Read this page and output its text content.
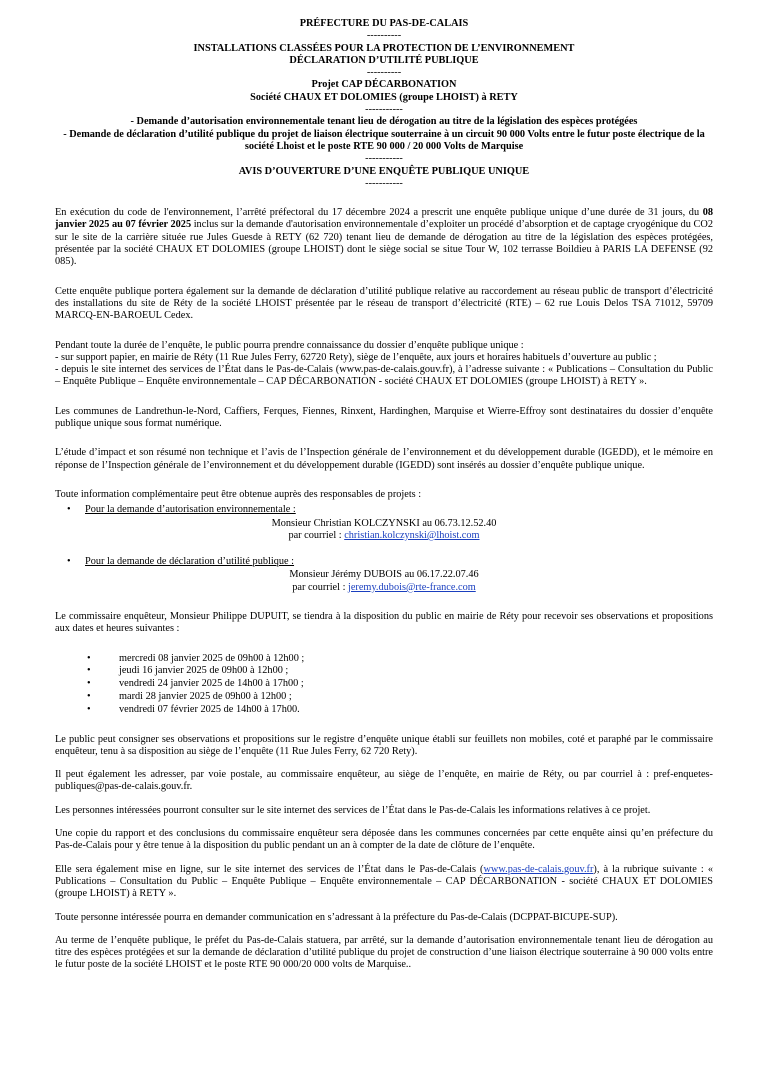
PRÉFECTURE DU PAS-DE-CALAIS
----------
INSTALLATIONS CLASSÉES POUR LA PROTECTION DE L’ENVIRONNEMENT
DÉCLARATION D’UTILITÉ PUBLIQUE
----------
Projet CAP DÉCARBONATION
Société CHAUX ET DOLOMIES (groupe LHOIST) à RETY
-----------
- Demande d’autorisation environnementale tenant lieu de dérogation au titre de la législation des espèces protégées
- Demande de déclaration d’utilité publique du projet de liaison électrique souterraine à un circuit 90 000 Volts entre le futur poste électrique de la société Lhoist et le poste RTE 90 000 / 20 000 Volts de Marquise
-----------
AVIS D’OUVERTURE D’UNE ENQUÊTE PUBLIQUE UNIQUE
-----------
En exécution du code de l'environnement, l’arrêté préfectoral du 17 décembre 2024 a prescrit une enquête publique unique d’une durée de 31 jours, du 08 janvier 2025 au 07 février 2025 inclus sur la demande d'autorisation environnementale d’exploiter un procédé d’absorption et de captage cryogénique du CO2 sur le site de la carrière située rue Jules Guesde à RETY (62 720) tenant lieu de demande de dérogation au titre de la législation des espèces protégées, présentée par la société CHAUX ET DOLOMIES (groupe LHOIST) dont le siège social se situe Tour W, 102 terrasse Boildieu à PARIS LA DEFENSE (92 085).
Cette enquête publique portera également sur la demande de déclaration d’utilité publique relative au raccordement au réseau public de transport d’électricité des installations du site de Réty de la société LHOIST présentée par le réseau de transport d’électricité (RTE) – 62 rue Louis Delos TSA 71012, 59709 MARCQ-EN-BAROEUL Cedex.
Pendant toute la durée de l’enquête, le public pourra prendre connaissance du dossier d’enquête publique unique :
- sur support papier, en mairie de Réty (11 Rue Jules Ferry, 62720 Rety), siège de l’enquête, aux jours et horaires habituels d’ouverture au public ;
- depuis le site internet des services de l’État dans le Pas-de-Calais (www.pas-de-calais.gouv.fr), à l’adresse suivante : « Publications – Consultation du Public – Enquête Publique – Enquête environnementale – CAP DÉCARBONATION - société CHAUX ET DOLOMIES (groupe LHOIST) à RETY ».
Les communes de Landrethun-le-Nord, Caffiers, Ferques, Fiennes, Rinxent, Hardinghen, Marquise et Wierre-Effroy sont destinataires du dossier d’enquête publique unique sous format numérique.
L’étude d’impact et son résumé non technique et l’avis de l’Inspection générale de l’environnement et du développement durable (IGEDD), et le mémoire en réponse de l’Inspection générale de l’environnement et du développement durable (IGEDD) sont insérés au dossier d’enquête publique unique.
Toute information complémentaire peut être obtenue auprès des responsables de projets :
• Pour la demande d’autorisation environnementale :
Monsieur Christian KOLCZYNSKI au 06.73.12.52.40
par courriel : christian.kolczynski@lhoist.com
• Pour la demande de déclaration d’utilité publique :
Monsieur Jérémy DUBOIS au 06.17.22.07.46
par courriel : jeremy.dubois@rte-france.com
Le commissaire enquêteur, Monsieur Philippe DUPUIT, se tiendra à la disposition du public en mairie de Réty pour recevoir ses observations et propositions aux dates et heures suivantes :
• mercredi 08 janvier 2025 de 09h00 à 12h00 ;
• jeudi 16 janvier 2025 de 09h00 à 12h00 ;
• vendredi 24 janvier 2025 de 14h00 à 17h00 ;
• mardi 28 janvier 2025 de 09h00 à 12h00 ;
• vendredi 07 février 2025 de 14h00 à 17h00.
Le public peut consigner ses observations et propositions sur le registre d’enquête unique établi sur feuillets non mobiles, coté et paraphé par le commissaire enquêteur, tenu à sa disposition au siège de l’enquête (11 Rue Jules Ferry, 62 720 Rety).
Il peut également les adresser, par voie postale, au commissaire enquêteur, au siège de l’enquête, en mairie de Réty, ou par courriel à : pref-enquetes-publiques@pas-de-calais.gouv.fr.
Les personnes intéressées pourront consulter sur le site internet des services de l’État dans le Pas-de-Calais les informations relatives à ce projet.
Une copie du rapport et des conclusions du commissaire enquêteur sera déposée dans les communes concernées par cette enquête ainsi qu’en préfecture du Pas-de-Calais pour y être tenue à la disposition du public pendant un an à compter de la date de clôture de l’enquête.
Elle sera également mise en ligne, sur le site internet des services de l’État dans le Pas-de-Calais (www.pas-de-calais.gouv.fr), à la rubrique suivante : « Publications – Consultation du Public – Enquête Publique – Enquête environnementale – CAP DÉCARBONATION - société CHAUX ET DOLOMIES (groupe LHOIST) à RETY ».
Toute personne intéressée pourra en demander communication en s’adressant à la préfecture du Pas-de-Calais (DCPPAT-BICUPE-SUP).
Au terme de l’enquête publique, le préfet du Pas-de-Calais statuera, par arrêté, sur la demande d’autorisation environnementale tenant lieu de dérogation au titre des espèces protégées et sur la demande de déclaration d’utilité publique du projet de construction d’une liaison électrique souterraine à 90 000 volts entre le futur poste de la société LHOIST et le poste RTE 90 000/20 000 volts de Marquise..
